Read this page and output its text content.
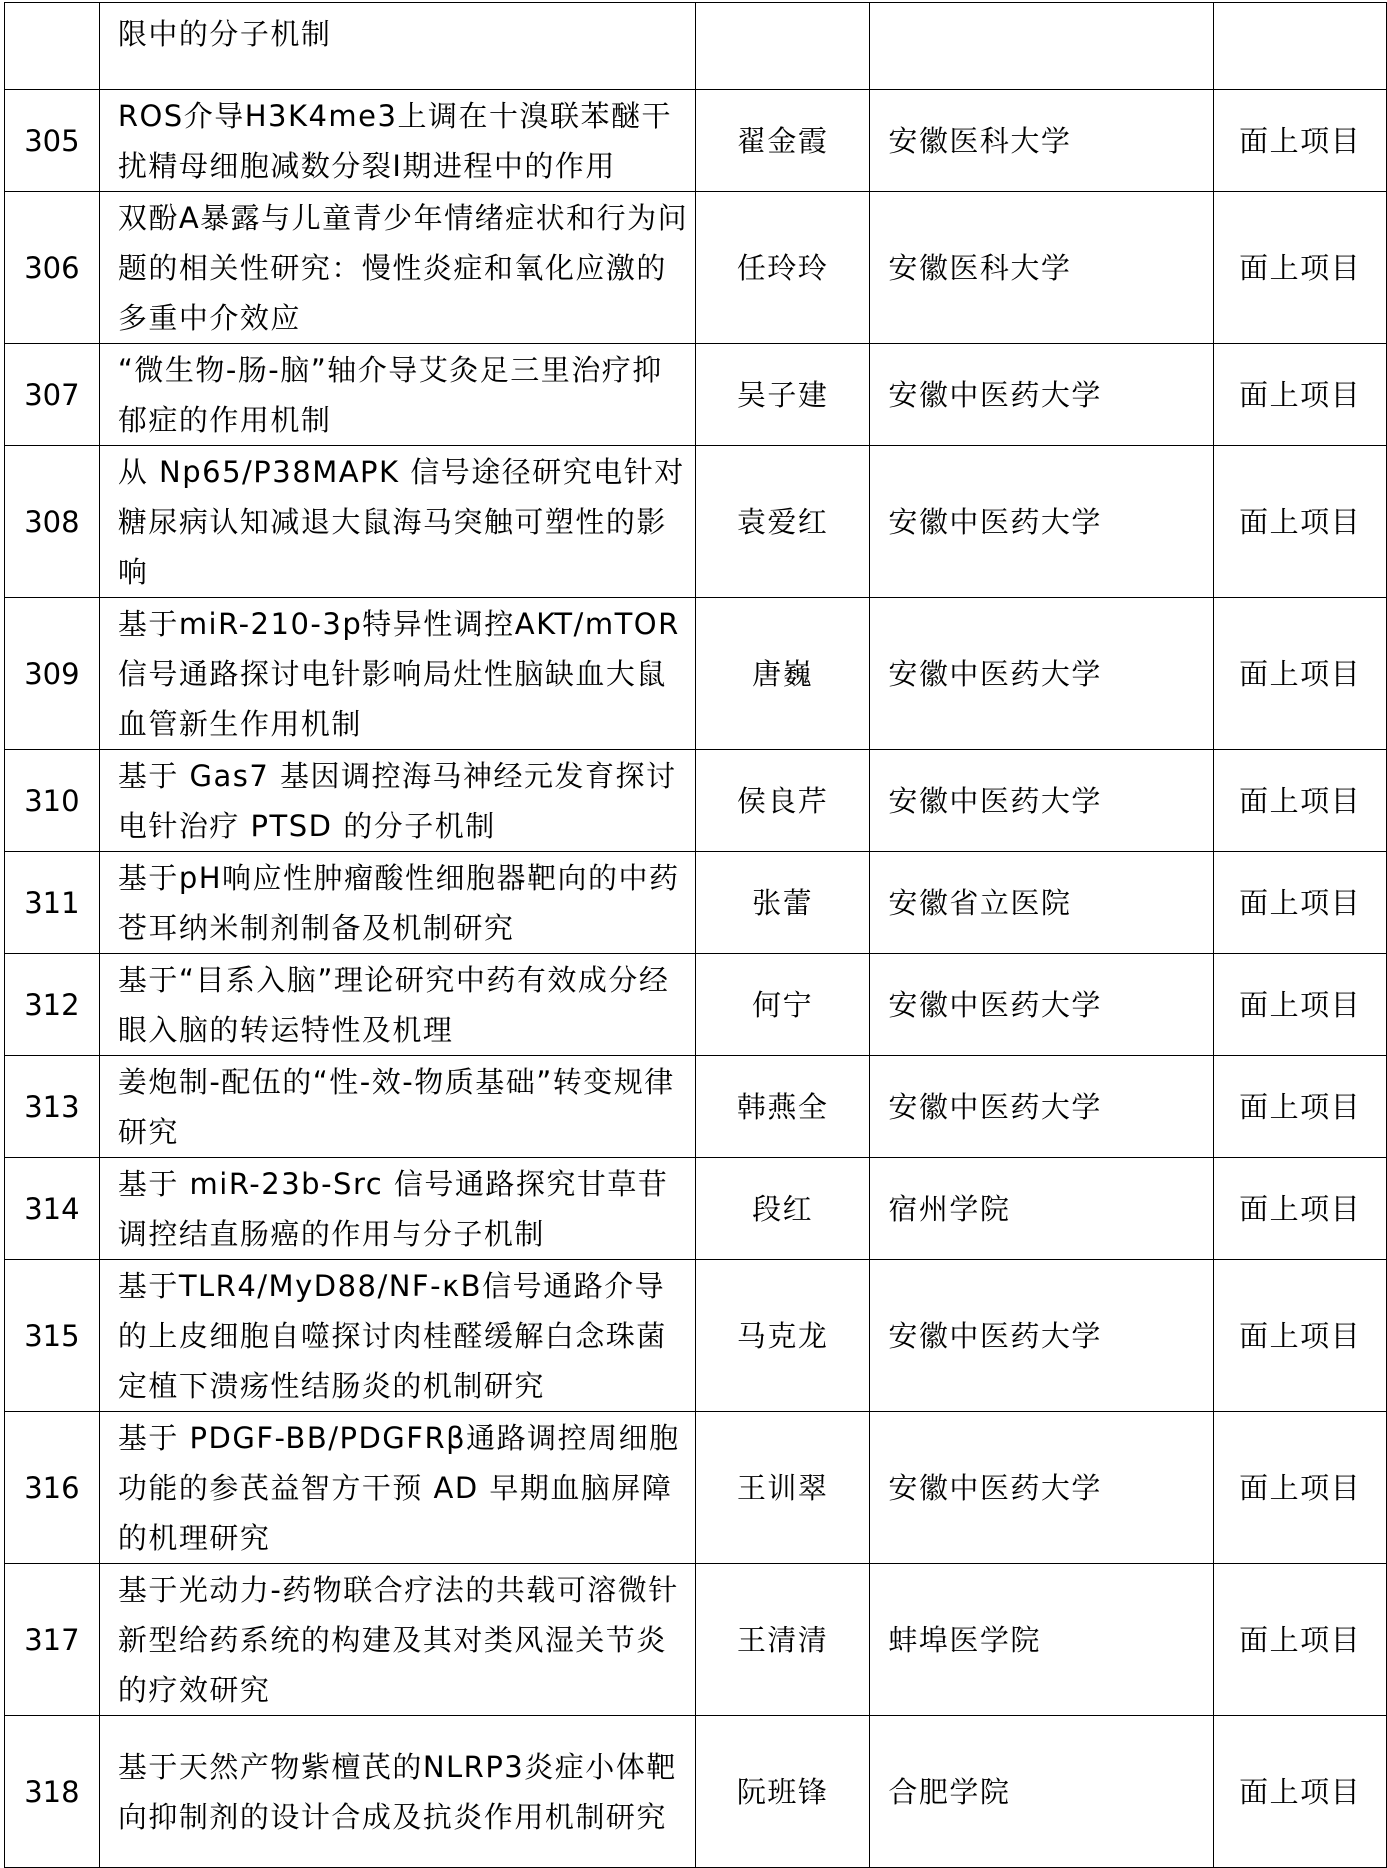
	限中的分子机制			
305	ROS介导H3K4me3上调在十溴联苯醚干扰精母细胞减数分裂I期进程中的作用	翟金霞	安徽医科大学	面上项目
306	双酚A暴露与儿童青少年情绪症状和行为问题的相关性研究：慢性炎症和氧化应激的多重中介效应	任玲玲	安徽医科大学	面上项目
307	“微生物-肠-脑”轴介导艾灸足三里治疗抑郁症的作用机制	吴子建	安徽中医药大学	面上项目
308	从 Np65/P38MAPK 信号途径研究电针对糖尿病认知减退大鼠海马突触可塑性的影响	袁爱红	安徽中医药大学	面上项目
309	基于miR-210-3p特异性调控AKT/mTOR信号通路探讨电针影响局灶性脑缺血大鼠血管新生作用机制	唐巍	安徽中医药大学	面上项目
310	基于 Gas7 基因调控海马神经元发育探讨电针治疗 PTSD 的分子机制	侯良芹	安徽中医药大学	面上项目
311	基于pH响应性肿瘤酸性细胞器靶向的中药苍耳纳米制剂制备及机制研究	张蕾	安徽省立医院	面上项目
312	基于“目系入脑”理论研究中药有效成分经眼入脑的转运特性及机理	何宁	安徽中医药大学	面上项目
313	姜炮制-配伍的“性-效-物质基础”转变规律研究	韩燕全	安徽中医药大学	面上项目
314	基于 miR-23b-Src 信号通路探究甘草苷调控结直肠癌的作用与分子机制	段红	宿州学院	面上项目
315	基于TLR4/MyD88/NF-κB信号通路介导的上皮细胞自噬探讨肉桂醛缓解白念珠菌定植下溃疡性结肠炎的机制研究	马克龙	安徽中医药大学	面上项目
316	基于 PDGF-BB/PDGFRβ通路调控周细胞功能的参芪益智方干预 AD 早期血脑屏障的机理研究	王训翠	安徽中医药大学	面上项目
317	基于光动力-药物联合疗法的共载可溶微针新型给药系统的构建及其对类风湿关节炎的疗效研究	王清清	蚌埠医学院	面上项目
318	基于天然产物紫檀芪的NLRP3炎症小体靶向抑制剂的设计合成及抗炎作用机制研究	阮班锋	合肥学院	面上项目
